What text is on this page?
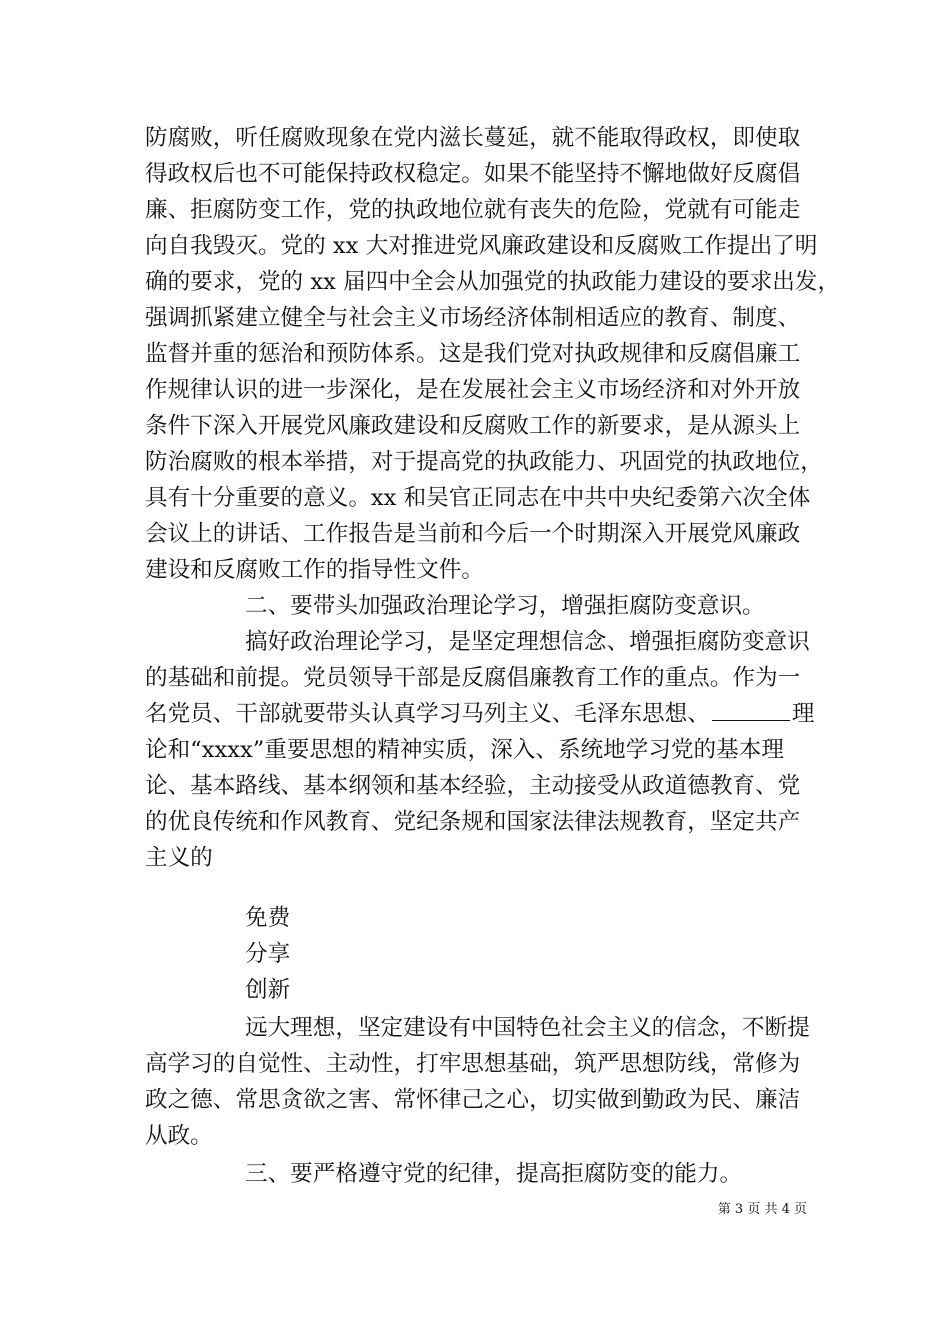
防腐败，听任腐败现象在党内滋长蔓延，就不能取得政权，即使取
得政权后也不可能保持政权稳定。如果不能坚持不懈地做好反腐倡
廉、拒腐防变工作，党的执政地位就有丧失的危险，党就有可能走
向自我毁灭。党的 xx 大对推进党风廉政建设和反腐败工作提出了明
确的要求，党的 xx 届四中全会从加强党的执政能力建设的要求出发，
强调抓紧建立健全与社会主义市场经济体制相适应的教育、制度、
监督并重的惩治和预防体系。这是我们党对执政规律和反腐倡廉工
作规律认识的进一步深化，是在发展社会主义市场经济和对外开放
条件下深入开展党风廉政建设和反腐败工作的新要求，是从源头上
防治腐败的根本举措，对于提高党的执政能力、巩固党的执政地位，
具有十分重要的意义。xx 和吴官正同志在中共中央纪委第六次全体
会议上的讲话、工作报告是当前和今后一个时期深入开展党风廉政
建设和反腐败工作的指导性文件。
二、要带头加强政治理论学习，增强拒腐防变意识。
搞好政治理论学习，是坚定理想信念、增强拒腐防变意识
的基础和前提。党员领导干部是反腐倡廉教育工作的重点。作为一
名党员、干部就要带头认真学习马列主义、毛泽东思想、	理
论和“xxxx”重要思想的精神实质，深入、系统地学习党的基本理
论、基本路线、基本纲领和基本经验，主动接受从政道德教育、党
的优良传统和作风教育、党纪条规和国家法律法规教育，坚定共产
主义的
免费
分享
创新
远大理想，坚定建设有中国特色社会主义的信念，不断提
高学习的自觉性、主动性，打牢思想基础，筑严思想防线，常修为
政之德、常思贪欲之害、常怀律己之心，切实做到勤政为民、廉洁
从政。
三、要严格遵守党的纪律，提高拒腐防变的能力。
第 3 页 共 4 页
